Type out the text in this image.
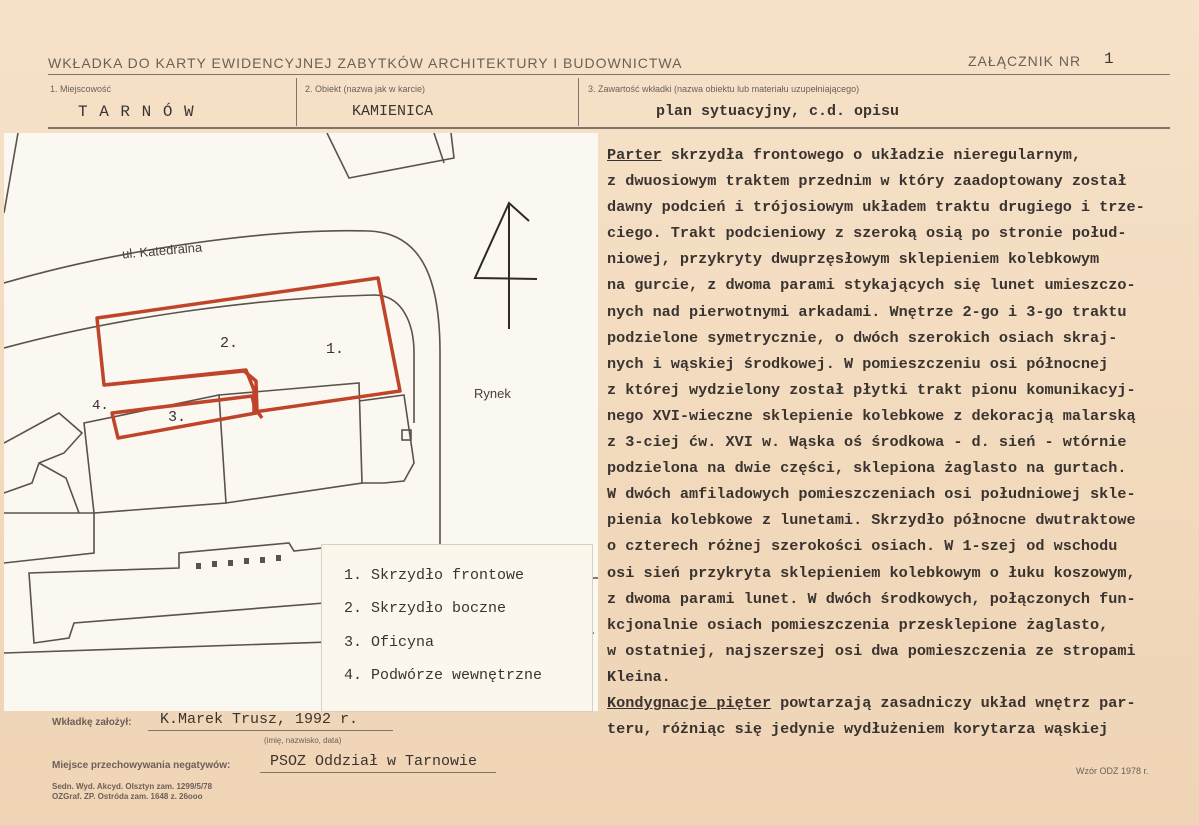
WKŁADKA DO KARTY EWIDENCYJNEJ ZABYTKÓW ARCHITEKTURY I BUDOWNICTWA	ZAŁĄCZNIK NR 1
1. Miejscowość
T A R N Ó W
2. Obiekt (nazwa jak w karcie)
KAMIENICA
3. Zawartość wkładki (nazwa obiektu lub materiału uzupełniającego)
plan sytuacyjny, c.d. opisu
ul. Katedralna
Rynek
1.
2.
3.
4.
1. Skrzydło frontowe
2. Skrzydło boczne
3. Oficyna
4. Podwórze wewnętrzne
Parter skrzydła frontowego o układzie nieregularnym,
z dwuosiowym traktem przednim w który zaadoptowany został
dawny podcień i trójosiowym układem traktu drugiego i trze-
ciego. Trakt podcieniowy z szeroką osią po stronie połud-
niowej, przykryty dwuprzęsłowym sklepieniem kolebkowym
na gurcie, z dwoma parami stykających się lunet umieszczo-
nych nad pierwotnymi arkadami. Wnętrze 2-go i 3-go traktu
podzielone symetrycznie, o dwóch szerokich osiach skraj-
nych i wąskiej środkowej. W pomieszczeniu osi północnej
z której wydzielony został płytki trakt pionu komunikacyj-
nego XVI-wieczne sklepienie kolebkowe z dekoracją malarską
z 3-ciej ćw. XVI w. Wąska oś środkowa - d. sień - wtórnie
podzielona na dwie części, sklepiona żaglasto na gurtach.
W dwóch amfiladowych pomieszczeniach osi południowej skle-
pienia kolebkowe z lunetami. Skrzydło północne dwutraktowe
o czterech różnej szerokości osiach. W 1-szej od wschodu
osi sień przykryta sklepieniem kolebkowym o łuku koszowym,
z dwoma parami lunet. W dwóch środkowych, połączonych fun-
kcjonalnie osiach pomieszczenia przesklepione żaglasto,
w ostatniej, najszerszej osi dwa pomieszczenia ze stropami
Kleina.
Kondygnacje pięter powtarzają zasadniczy układ wnętrz par-
teru, różniąc się jedynie wydłużeniem korytarza wąskiej
Wkładkę założył: K.Marek Trusz, 1992 r.
(imię, nazwisko, data)
Miejsce przechowywania negatywów:	PSOZ Oddział w Tarnowie
Sedn. Wyd. Akcyd. Olsztyn zam. 1299/5/78
OZGraf. ZP. Ostróda zam. 1648 z. 26ooo
Wzór ODZ 1978 r.
